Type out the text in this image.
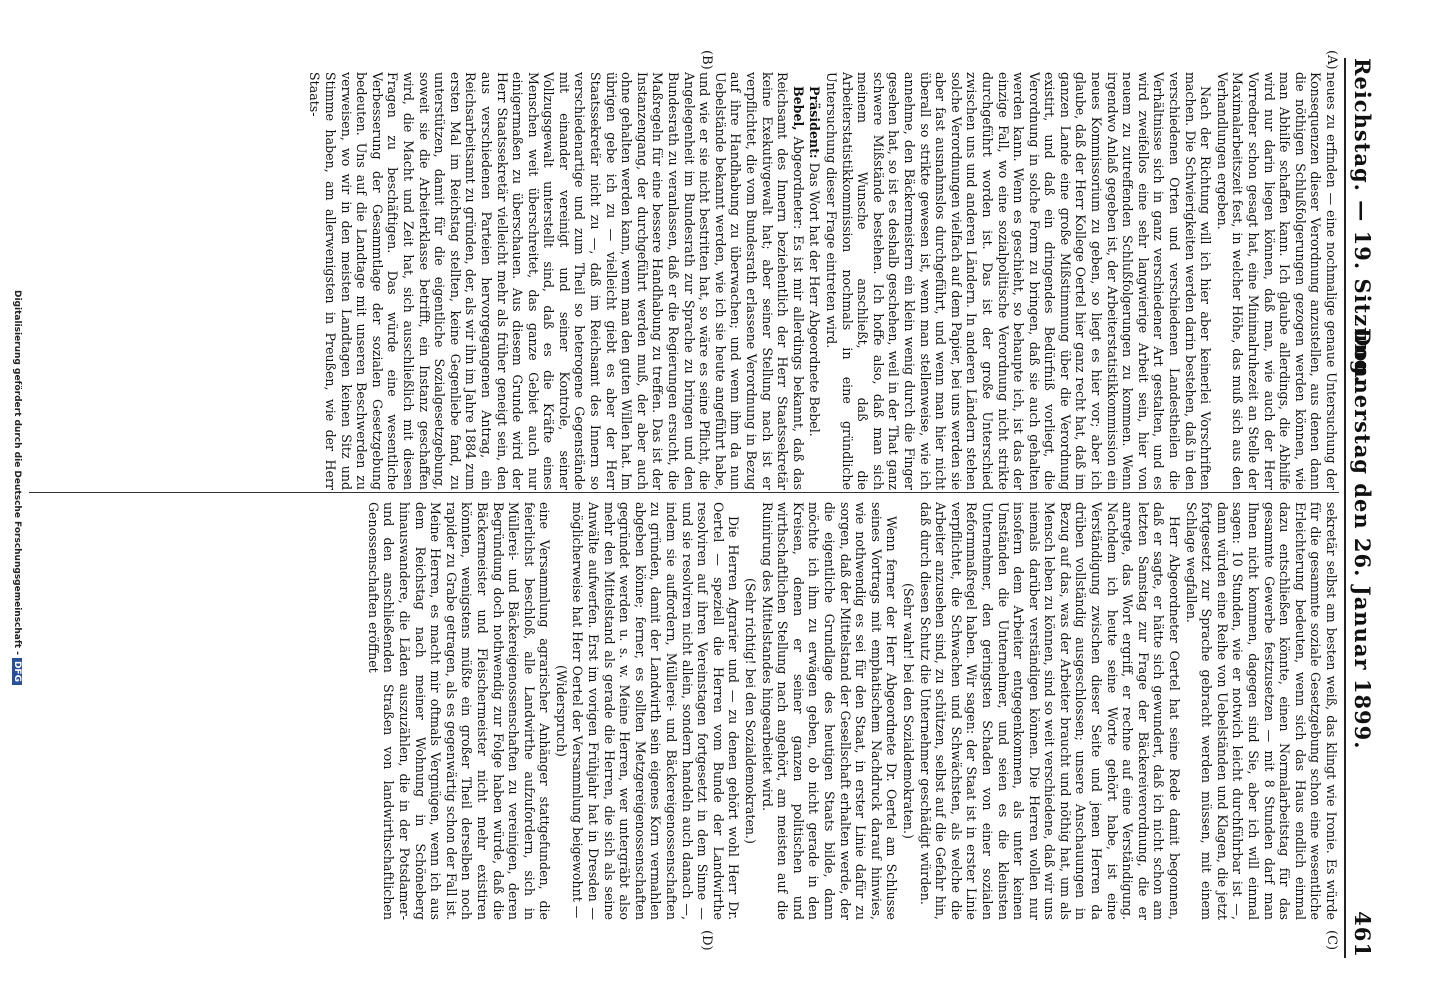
Reichstag. — 19. Sitzung.
Donnerstag den 26. Januar 1899.
461
(A)
(B)
(C)
(D)

neues zu erfinden — eine nochmalige genaue Untersuchung der Konsequenzen dieser Verordnung anzustellen, aus denen dann die nöthigen Schlußfolgerungen gezogen werden können, wie man Abhilfe schaffen kann. Ich glaube allerdings, die Abhilfe wird nur darin liegen können, daß man, wie auch der Herr Vorredner schon gesagt hat, eine Minimalruhezeit an Stelle der Maximalarbeitszeit fest, in welcher Höhe, das muß sich aus den Verhandlungen ergeben.

Nach der Richtung will ich hier aber keinerlei Vorschriften machen. Die Schwierigkeiten werden darin bestehen, daß in den verschiedenen Orten und verschiedenen Landestheilen die Verhältnisse sich in ganz verschiedener Art gestalten, und es wird zweifellos eine sehr langwierige Arbeit sein, hier von neuem zu zutreffenden Schlußfolgerungen zu kommen. Wenn irgendwo Anlaß gegeben ist, der Arbeiterstatistikkommission ein neues Kommissorium zu geben, so liegt es hier vor; aber ich glaube, daß der Herr Kollege Oertel hier ganz recht hat, daß im ganzen Lande eine große Mißstimmung über die Verordnung existirt, und daß ein dringendes Bedürfniß vorliegt, die Verordnung in solche Form zu bringen, daß sie auch gehalten werden kann. Wenn es geschieht, so behaupte ich, ist das der einzige Fall, wo eine sozialpolitische Verordnung nicht strikte durchgeführt worden ist. Das ist der große Unterschied zwischen uns und anderen Ländern. In anderen Ländern stehen solche Verordnungen vielfach auf dem Papier, bei uns werden sie aber fast ausnahmslos durchgeführt, und wenn man hier nicht überall so strikte gewesen ist, wenn man stellenweise, wie ich annehme, den Bäckermeistern ein klein wenig durch die Finger gesehen hat, so ist es deshalb geschehen, weil in der That ganz schwere Mißstände bestehen. Ich hoffe also, daß man sich meinem Wunsche anschließt, daß die Arbeiterstatistikkommission nochmals in eine gründliche Untersuchung dieser Frage eintreten wird.

Präsident: Das Wort hat der Herr Abgeordnete Bebel.

Bebel, Abgeordneter: Es ist mir allerdings bekannt, daß das Reichsamt des Innern beziehentlich der Herr Staatssekretär keine Exekutivgewalt hat; aber seiner Stellung nach ist er verpflichtet, die vom Bundesrath erlassene Verordnung in Bezug auf ihre Handhabung zu überwachen; und wenn ihm da nun Uebelstände bekannt werden, wie ich sie heute angeführt habe, und wie er sie nicht bestritten hat, so wäre es seine Pflicht, die Angelegenheit im Bundesrath zur Sprache zu bringen und den Bundesrath zu veranlassen, daß er die Regierungen ersucht, die Maßregeln für eine bessere Handhabung zu treffen. Das ist der Instanzengang, der durchgeführt werden muß, der aber auch ohne gehalten werden kann, wenn man den guten Willen hat. Im übrigen gebe ich zu — vielleicht giebt es aber der Herr Staatssekretär nicht zu —, daß im Reichsamt des Innern so verschiedenartige und zum Theil so heterogene Gegenstände mit einander vereinigt und seiner Kontrole, seiner Vollzugsgewalt unterstellt sind, daß es die Kräfte eines Menschen weit überschreitet, das ganze Gebiet auch nur einigermaßen zu überschauen. Aus diesem Grunde wird der Herr Staatssekretär vielleicht mehr als früher geneigt sein, den aus verschiedenen Parteien hervorgegangenen Antrag, ein Reichsarbeitsamt zu gründen, der, als wir ihn im Jahre 1884 zum ersten Mal im Reichstag stellten, keine Gegenliebe fand, zu unterstützen, damit für die eigentliche Sozialgesetzgebung, soweit sie die Arbeiterklasse betrifft, ein Instanz geschaffen wird, die Macht und Zeit hat, sich ausschließlich mit diesen Fragen zu beschäftigen. Das würde eine wesentliche Verbesserung der Gesammtlage der sozialen Gesetzgebung bedeuten. Uns auf die Landtage mit unseren Beschwerden zu verweisen, wo wir in den meisten Landtagen keinen Sitz und Stimme haben, am allerwenigsten in Preußen, wie der Herr Staats-

sekretär selbst am besten weiß, das klingt wie Ironie. Es würde für die gesammte soziale Gesetzgebung schon eine wesentliche Erleichterung bedeuten, wenn sich das Haus endlich einmal dazu entschließen könnte, einen Normalarbeitstag für das gesammte Gewerbe festzusetzen — mit 8 Stunden darf man Ihnen nicht kommen, dagegen sind Sie, aber ich will einmal sagen: 10 Stunden, wie er notwich leicht durchführbar ist —, dann würden eine Reihe von Uebelständen und Klagen, die jetzt fortgesetzt zur Sprache gebracht werden müssen, mit einem Schlage wegfallen.

Herr Abgeordneter Oertel hat seine Rede damit begonnen, daß er sagte, er hätte sich gewundert, daß ich nicht schon am letzten Samstag zur Frage der Bäckereiverordnung, die er anregte, das Wort ergriff, er rechne auf eine Verständigung. Nachdem ich heute seine Worte gehört habe, ist eine Verständigung zwischen dieser Seite und jenen Herren da drüben vollständig ausgeschlossen; unsere Anschauungen in Bezug auf das, was der Arbeiter braucht und nöthig hat, um als Mensch leben zu können, sind so weit verschiedene, daß wir uns niemals darüber verständigen können. Die Herren wollen nur insofern dem Arbeiter entgegenkommen, als unter keinen Umständen die Unternehmer, und seien es die kleinsten Unternehmer, den geringsten Schaden von einer sozialen Reformmaßregel haben. Wir sagen: der Staat ist in erster Linie verpflichtet, die Schwachen und Schwächsten, als welche die Arbeiter anzusehen sind, zu schützen, selbst auf die Gefahr hin, daß durch diesen Schutz die Unternehmer geschädigt würden.

(Sehr wahr! bei den Sozialdemokraten.)

Wenn ferner der Herr Abgeordnete Dr. Oertel am Schlusse seines Vortrags mit emphatischem Nachdruck darauf hinwies, wie nothwendig es sei für den Staat, in erster Linie dafür zu sorgen, daß der Mittelstand der Gesellschaft erhalten werde, der die eigentliche Grundlage des heutigen Staats bilde, dann möchte ich ihm zu erwägen geben, ob nicht gerade in den Kreisen, denen er seiner ganzen politischen und wirthschaftlichen Stellung nach angehört, am meisten auf die Ruinirung des Mittelstandes hingearbeitet wird.

(Sehr richtig! bei den Sozialdemokraten.)

Die Herren Agrarier und — zu denen gehört wohl Herr Dr. Oertel — speziell die Herren vom Bunde der Landwirthe resolviren auf ihren Vereinstagen fortgesetzt in dem Sinne — und sie resolviren nicht allein, sondern handeln auch danach —, indem sie auffordern, Müllerei- und Bäckereigenossenschaften zu gründen, damit der Landwirth sein eigenes Korn vermahlen abgeben könne; ferner, es sollten Metzgereigenossenschaften gegründet werden u. s. w. Meine Herren, wer untergräbt also mehr den Mittelstand als gerade die Herren, die sich als seine Anwälte aufwerfen. Erst im vorigen Frühjahr hat in Dresden — möglicherweise hat Herr Oertel der Versammlung beigewohnt —

(Widerspruch)

eine Versammlung agrarischer Anhänger stattgefunden, die feierlichst beschloß, alle Landwirthe aufzufordern, sich in Müllerei- und Bäckereigenossenschaften zu vereinigen, deren Begründung doch nothwendig zur Folge haben würde, daß die Bäckermeister und Fleischermeister nicht mehr existiren könnten, wenigstens müßte ein großer Theil derselben noch rapider zu Grabe getragen, als es gegenwärtig schon der Fall ist. Meine Herren, es macht mir oftmals Vergnügen, wenn ich aus dem Reichstag nach meiner Wohnung in Schöneberg hinauswandere, die Läden auszuzählen, die in der Potsdamer- und den anschließenden Straßen von landwirthschaftlichen Genossenschaften eröffnet

Digitalisierung gefördert durch die Deutsche Forschungsgemeinschaft -DFG
